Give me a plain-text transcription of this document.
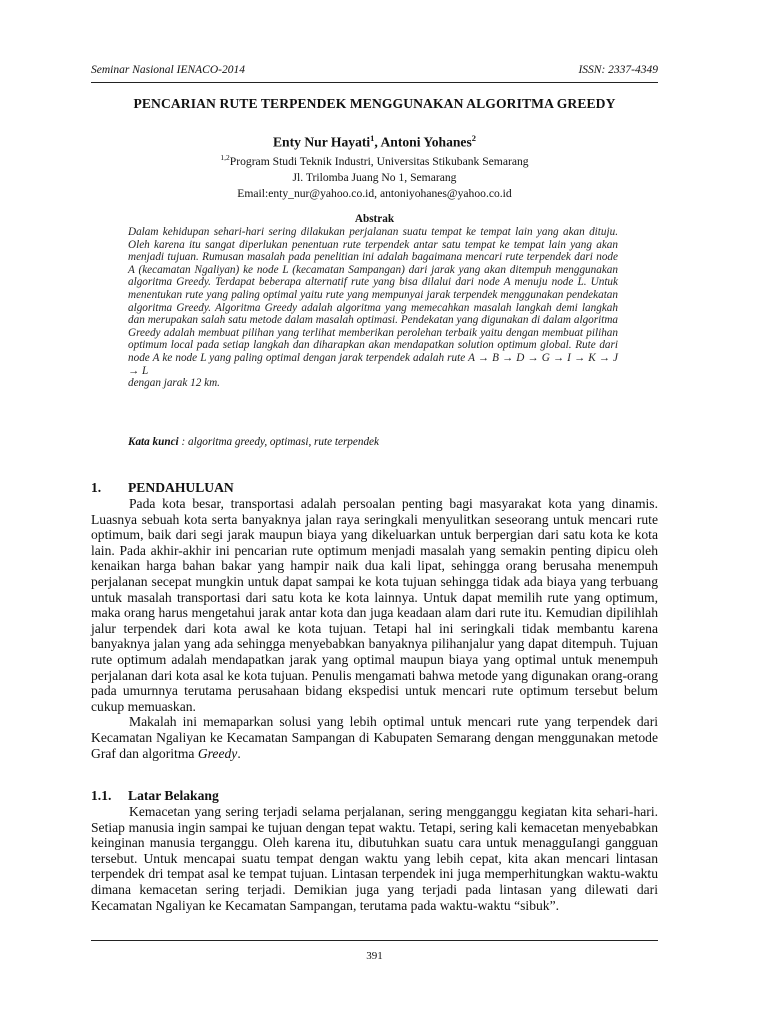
Seminar Nasional IENACO-2014	ISSN: 2337-4349
PENCARIAN RUTE TERPENDEK MENGGUNAKAN ALGORITMA GREEDY
Enty Nur Hayati$^1$, Antoni Yohanes$^2$
$^{1,2}$Program Studi Teknik Industri, Universitas Stikubank Semarang
Jl. Trilomba Juang No 1, Semarang
Email:enty_nur@yahoo.co.id, antoniyohanes@yahoo.co.id
Abstrak
Dalam kehidupan sehari-hari sering dilakukan perjalanan suatu tempat ke tempat lain yang akan dituju. Oleh karena itu sangat diperlukan penentuan rute terpendek antar satu tempat ke tempat lain yang akan menjadi tujuan. Rumusan masalah pada penelitian ini adalah bagaimana mencari rute terpendek dari node A (kecamatan Ngaliyan) ke node L (kecamatan Sampangan) dari jarak yang akan ditempuh menggunakan algoritma Greedy. Terdapat beberapa alternatif rute yang bisa dilalui dari node A menuju node L. Untuk menentukan rute yang paling optimal yaitu rute yang mempunyai jarak terpendek menggunakan pendekatan algoritma Greedy. Algoritma Greedy adalah algoritma yang memecahkan masalah langkah demi langkah dan merupakan salah satu metode dalam masalah optimasi. Pendekatan yang digunakan di dalam algoritma Greedy adalah membuat pilihan yang terlihat memberikan perolehan terbaik yaitu dengan membuat pilihan optimum local pada setiap langkah dan diharapkan akan mendapatkan solution optimum global. Rute dari node A ke node L yang paling optimal dengan jarak terpendek adalah rute A → B → D → G → I → K → J → L
dengan jarak 12 km.
Kata kunci : algoritma greedy, optimasi, rute terpendek
1. PENDAHULUAN

Pada kota besar, transportasi adalah persoalan penting bagi masyarakat kota yang dinamis. Luasnya sebuah kota serta banyaknya jalan raya seringkali menyulitkan seseorang untuk mencari rute optimum, baik dari segi jarak maupun biaya yang dikeluarkan untuk berpergian dari satu kota ke kota lain. Pada akhir-akhir ini pencarian rute optimum menjadi masalah yang semakin penting dipicu oleh kenaikan harga bahan bakar yang hampir naik dua kali lipat, sehingga orang berusaha menempuh perjalanan secepat mungkin untuk dapat sampai ke kota tujuan sehingga tidak ada biaya yang terbuang untuk masalah transportasi dari satu kota ke kota lainnya. Untuk dapat memilih rute yang optimum, maka orang harus mengetahui jarak antar kota dan juga keadaan alam dari rute itu. Kemudian dipilihlah jalur terpendek dari kota awal ke kota tujuan. Tetapi hal ini seringkali tidak membantu karena banyaknya jalan yang ada sehingga menyebabkan banyaknya pilihanjalur yang dapat ditempuh. Tujuan rute optimum adalah mendapatkan jarak yang optimal maupun biaya yang optimal untuk menempuh perjalanan dari kota asal ke kota tujuan. Penulis mengamati bahwa metode yang digunakan orang-orang pada umurnnya terutama perusahaan bidang ekspedisi untuk mencari rute optimum tersebut belum cukup memuaskan.

Makalah ini memaparkan solusi yang lebih optimal untuk mencari rute yang terpendek dari Kecamatan Ngaliyan ke Kecamatan Sampangan di Kabupaten Semarang dengan menggunakan metode Graf dan algoritma Greedy.

1.1. Latar Belakang

Kemacetan yang sering terjadi selama perjalanan, sering mengganggu kegiatan kita sehari-hari. Setiap manusia ingin sampai ke tujuan dengan tepat waktu. Tetapi, sering kali kemacetan menyebabkan keinginan manusia terganggu. Oleh karena itu, dibutuhkan suatu cara untuk menagguIangi gangguan tersebut. Untuk mencapai suatu tempat dengan waktu yang lebih cepat, kita akan mencari lintasan terpendek dri tempat asal ke tempat tujuan. Lintasan terpendek ini juga memperhitungkan waktu-waktu dimana kemacetan sering terjadi. Demikian juga yang terjadi pada lintasan yang dilewati dari Kecamatan Ngaliyan ke Kecamatan Sampangan, terutama pada waktu-waktu “sibuk”.

391
